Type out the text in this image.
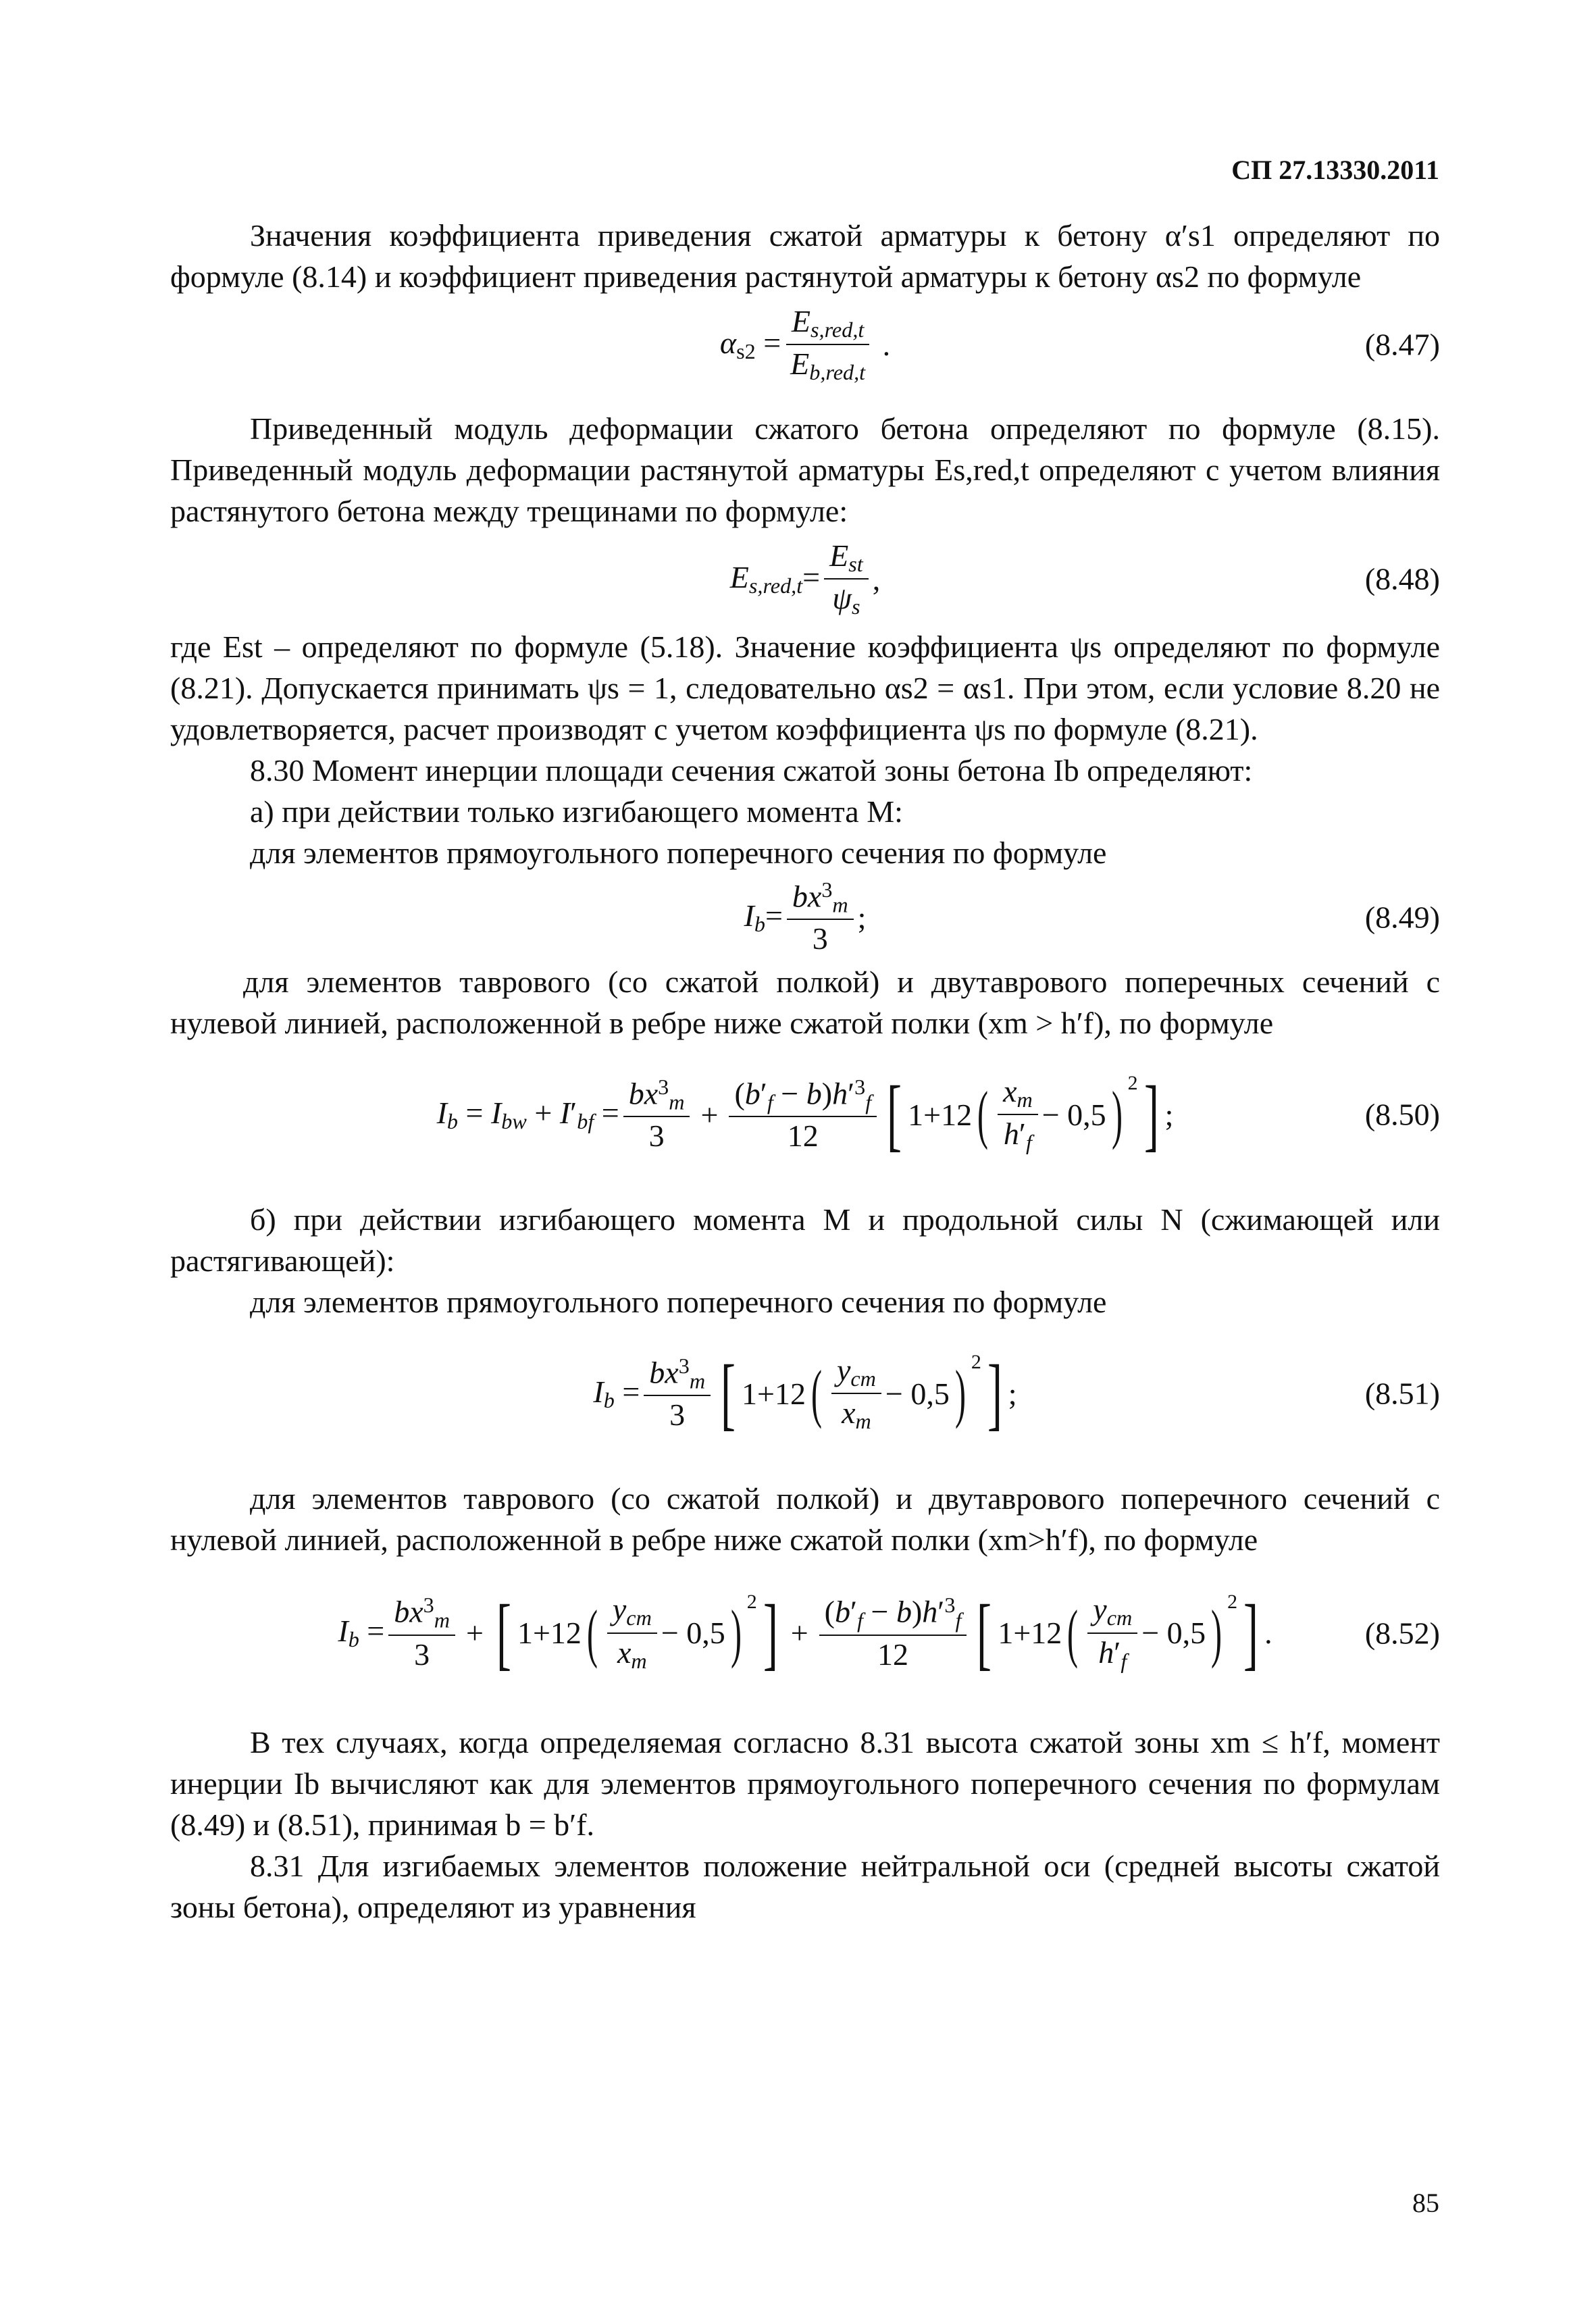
СП 27.13330.2011

Значения коэффициента приведения сжатой арматуры к бетону α′s1 определяют по формуле (8.14) и коэффициент приведения растянутой арматуры к бетону αs2 по формуле

$\alpha_{s2} = \frac{E_{s,red,t}}{E_{b,red,t}}$ .	(8.47)

Приведенный модуль деформации сжатого бетона определяют по формуле (8.15). Приведенный модуль деформации растянутой арматуры Es,red,t определяют с учетом влияния растянутого бетона между трещинами по формуле:

$E_{s,red,t}= \frac{E_{st}}{\psi_s}$ ,	(8.48)

где Est – определяют по формуле (5.18). Значение коэффициента ψs определяют по формуле (8.21). Допускается принимать ψs = 1, следовательно αs2 = αs1. При этом, если условие 8.20 не удовлетворяется, расчет производят с учетом коэффициента ψs по формуле (8.21).

8.30 Момент инерции площади сечения сжатой зоны бетона Ib определяют:

а) при действии только изгибающего момента M:

для элементов прямоугольного поперечного сечения по формуле

$I_b= \frac{bx^3_m}{3}$ ;	(8.49)

для элементов таврового (со сжатой полкой) и двутаврового поперечных сечений с нулевой линией, расположенной в ребре ниже сжатой полки (xm > h′f), по формуле

$I_b = I_{bw} + I'_{bf} = \frac{bx^3_m}{3} + \frac{(b'_f - b)h'^3_f}{12}$ [ 1+12 ( $\frac{x_m}{h'_f} - 0,5$ ) 2 ] ;	(8.50)

б) при действии изгибающего момента M и продольной силы N (сжимающей или растягивающей):

для элементов прямоугольного поперечного сечения по формуле

$I_b = \frac{bx^3_m}{3}$ [ 1+12 ( $\frac{y_{cm}}{x_m} - 0,5$ ) 2 ] ;	(8.51)

для элементов таврового (со сжатой полкой) и двутаврового поперечного сечений с нулевой линией, расположенной в ребре ниже сжатой полки (xm>h′f), по формуле

$I_b = \frac{bx^3_m}{3}$ + [ 1+12 ( $\frac{y_{cm}}{x_m} - 0,5$ ) 2 ] + $\frac{(b'_f - b)h'^3_f}{12}$ [ 1+12 ( $\frac{y_{cm}}{h'_f} - 0,5$ ) 2 ] .	(8.52)

В тех случаях, когда определяемая согласно 8.31 высота сжатой зоны xm ≤ h′f, момент инерции Ib вычисляют как для элементов прямоугольного поперечного сечения по формулам (8.49) и (8.51), принимая b = b′f.

8.31 Для изгибаемых элементов положение нейтральной оси (средней высоты сжатой зоны бетона), определяют из уравнения

85
